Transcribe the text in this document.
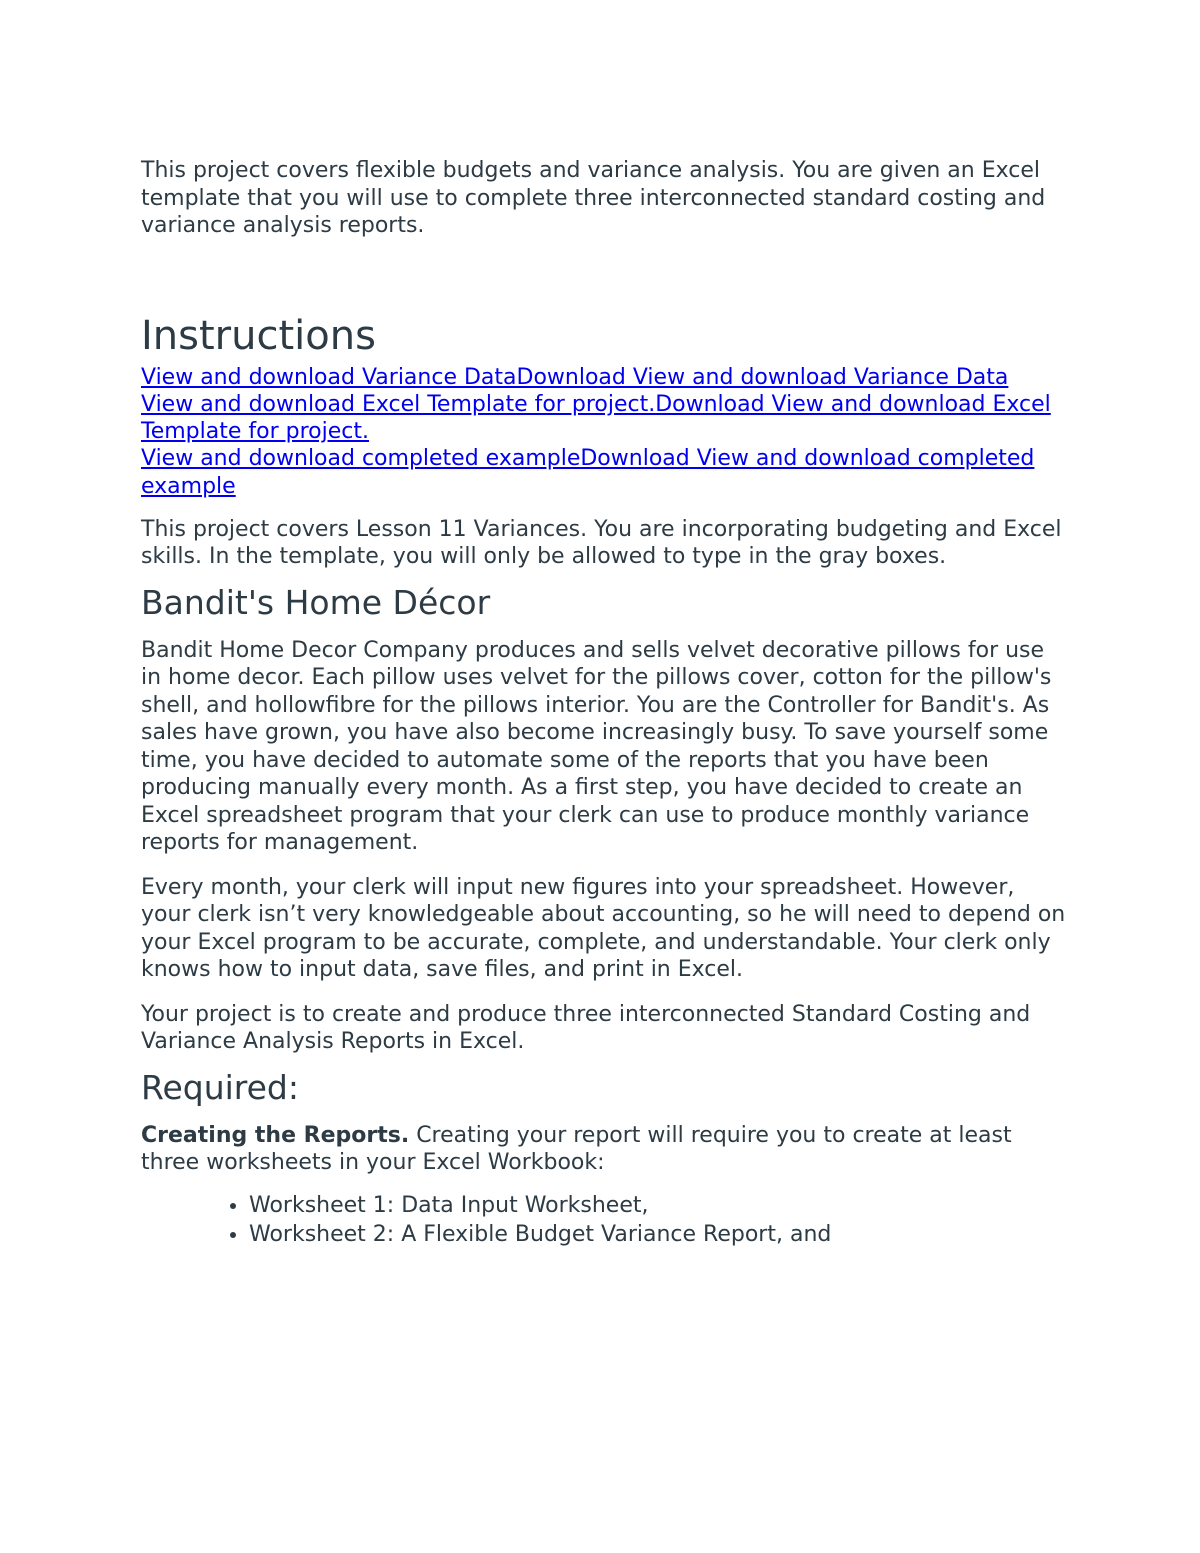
This project covers flexible budgets and variance analysis. You are given an Excel template that you will use to complete three interconnected standard costing and variance analysis reports.

Instructions
View and download Variance DataDownload View and download Variance Data
View and download Excel Template for project.Download View and download Excel Template for project.
View and download completed exampleDownload View and download completed example

This project covers Lesson 11 Variances. You are incorporating budgeting and Excel skills. In the template, you will only be allowed to type in the gray boxes.

Bandit's Home Décor

Bandit Home Decor Company produces and sells velvet decorative pillows for use in home decor. Each pillow uses velvet for the pillows cover, cotton for the pillow's shell, and hollowfibre for the pillows interior. You are the Controller for Bandit's. As sales have grown, you have also become increasingly busy. To save yourself some time, you have decided to automate some of the reports that you have been producing manually every month. As a first step, you have decided to create an Excel spreadsheet program that your clerk can use to produce monthly variance reports for management.

Every month, your clerk will input new figures into your spreadsheet. However, your clerk isn’t very knowledgeable about accounting, so he will need to depend on your Excel program to be accurate, complete, and understandable. Your clerk only knows how to input data, save files, and print in Excel.

Your project is to create and produce three interconnected Standard Costing and Variance Analysis Reports in Excel.

Required:

Creating the Reports. Creating your report will require you to create at least three worksheets in your Excel Workbook:

• Worksheet 1: Data Input Worksheet,
• Worksheet 2: A Flexible Budget Variance Report, and
